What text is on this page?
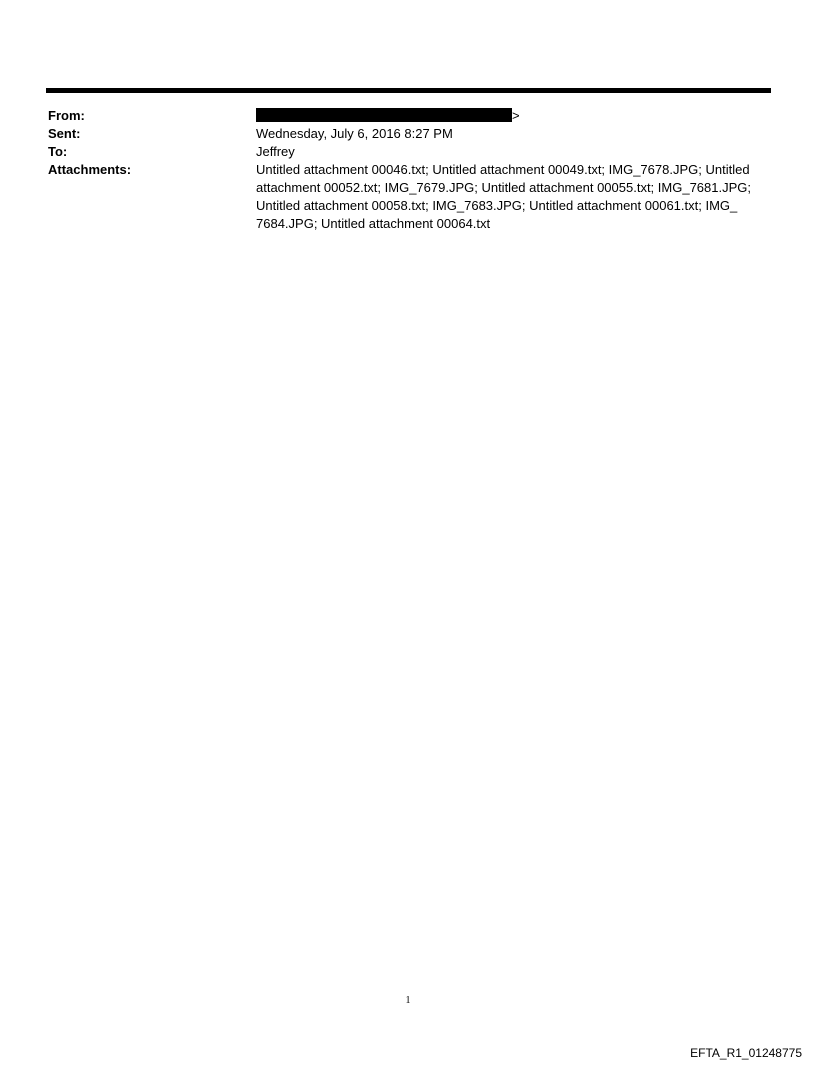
From:	>
Sent:	Wednesday, July 6, 2016 8:27 PM
To:	Jeffrey
Attachments:	Untitled attachment 00046.txt; Untitled attachment 00049.txt; IMG_7678.JPG; Untitled attachment 00052.txt; IMG_7679.JPG; Untitled attachment 00055.txt; IMG_7681.JPG; Untitled attachment 00058.txt; IMG_7683.JPG; Untitled attachment 00061.txt; IMG_ 7684.JPG; Untitled attachment 00064.txt
1
EFTA_R1_01248775
